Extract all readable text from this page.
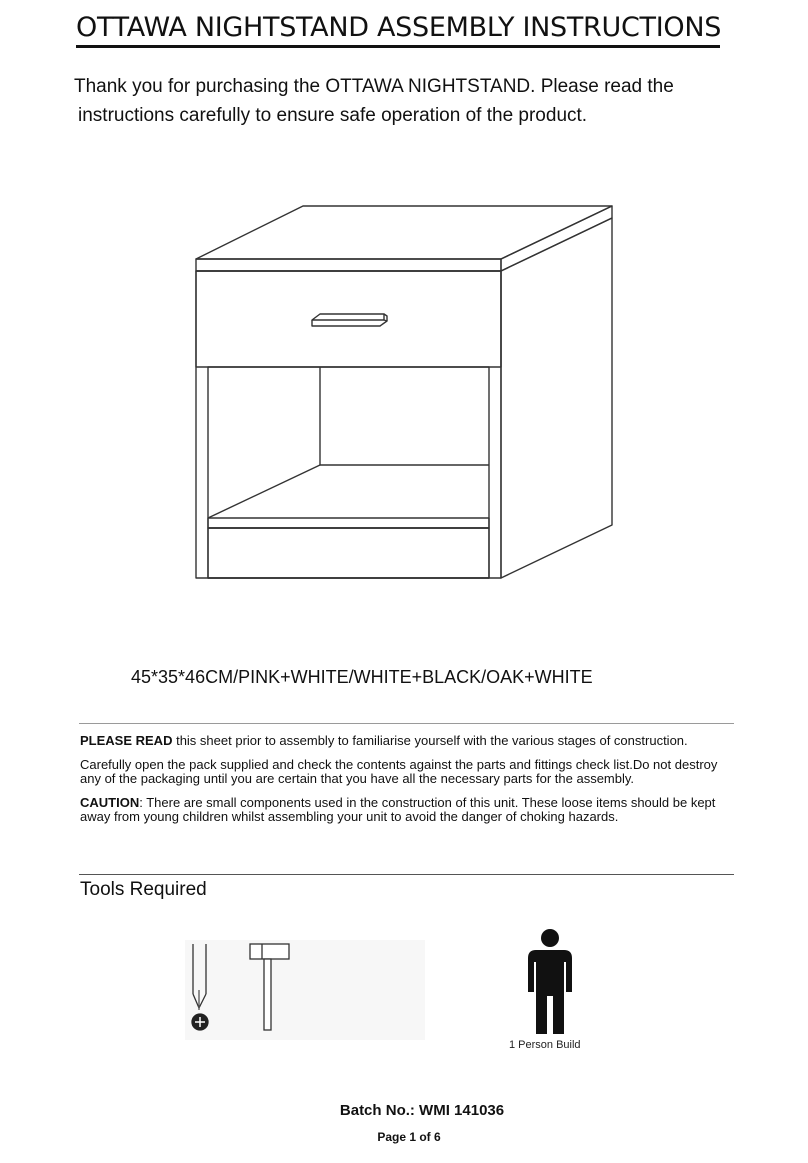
OTTAWA NIGHTSTAND ASSEMBLY INSTRUCTIONS
Thank you for purchasing the OTTAWA NIGHTSTAND. Please read the
instructions carefully to ensure safe operation of the product.
45*35*46CM/PINK+WHITE/WHITE+BLACK/OAK+WHITE

PLEASE READ this sheet prior to assembly to familiarise yourself with the various stages of construction.

Carefully open the pack supplied and check the contents against the parts and fittings check list.Do not destroy any of the packaging until you are certain that you have all the necessary parts for the assembly.

CAUTION: There are small components used in the construction of this unit. These loose items should be kept away from young children whilst assembling your unit to avoid the danger of choking hazards.

Tools Required
1 Person Build
Batch No.: WMI 141036
Page 1 of 6
